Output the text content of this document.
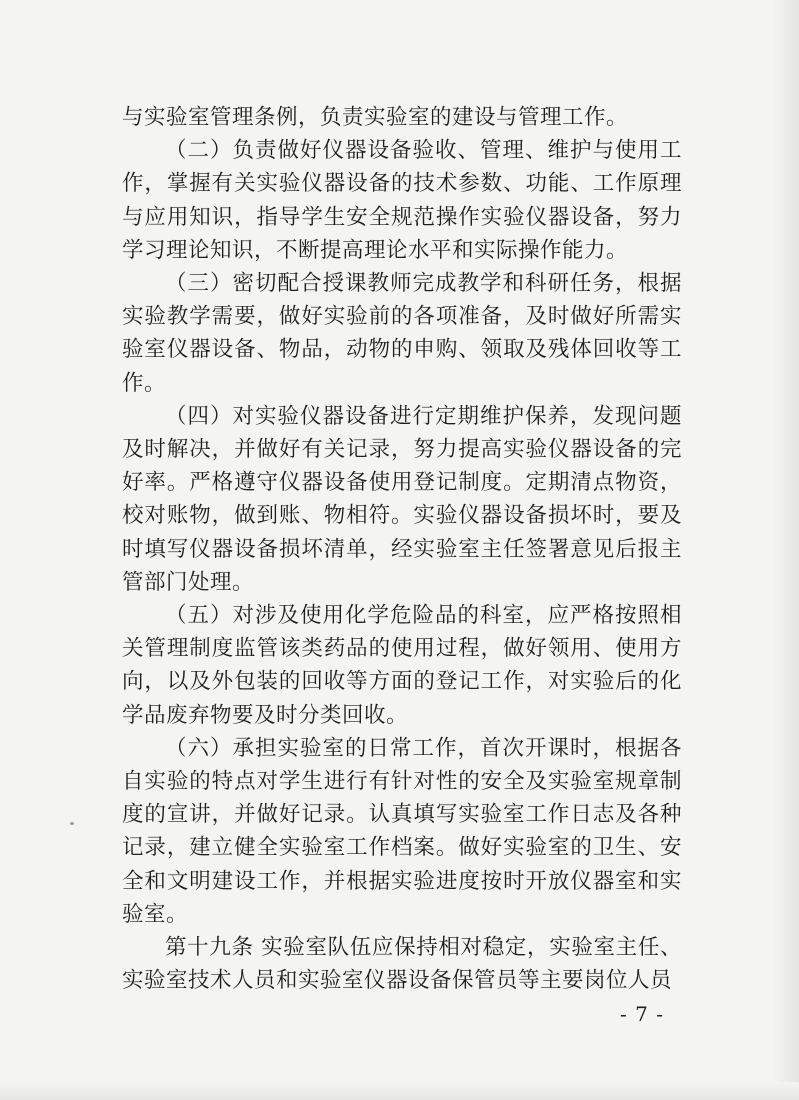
与实验室管理条例，负责实验室的建设与管理工作。

（二）负责做好仪器设备验收、管理、维护与使用工作，掌握有关实验仪器设备的技术参数、功能、工作原理与应用知识，指导学生安全规范操作实验仪器设备，努力学习理论知识，不断提高理论水平和实际操作能力。

（三）密切配合授课教师完成教学和科研任务，根据实验教学需要，做好实验前的各项准备，及时做好所需实验室仪器设备、物品，动物的申购、领取及残体回收等工作。

（四）对实验仪器设备进行定期维护保养，发现问题及时解决，并做好有关记录，努力提高实验仪器设备的完好率。严格遵守仪器设备使用登记制度。定期清点物资，校对账物，做到账、物相符。实验仪器设备损坏时，要及时填写仪器设备损坏清单，经实验室主任签署意见后报主管部门处理。

（五）对涉及使用化学危险品的科室，应严格按照相关管理制度监管该类药品的使用过程，做好领用、使用方向，以及外包装的回收等方面的登记工作，对实验后的化学品废弃物要及时分类回收。

（六）承担实验室的日常工作，首次开课时，根据各自实验的特点对学生进行有针对性的安全及实验室规章制度的宣讲，并做好记录。认真填写实验室工作日志及各种记录，建立健全实验室工作档案。做好实验室的卫生、安全和文明建设工作，并根据实验进度按时开放仪器室和实验室。

第十九条 实验室队伍应保持相对稳定，实验室主任、实验室技术人员和实验室仪器设备保管员等主要岗位人员

- 7 -
